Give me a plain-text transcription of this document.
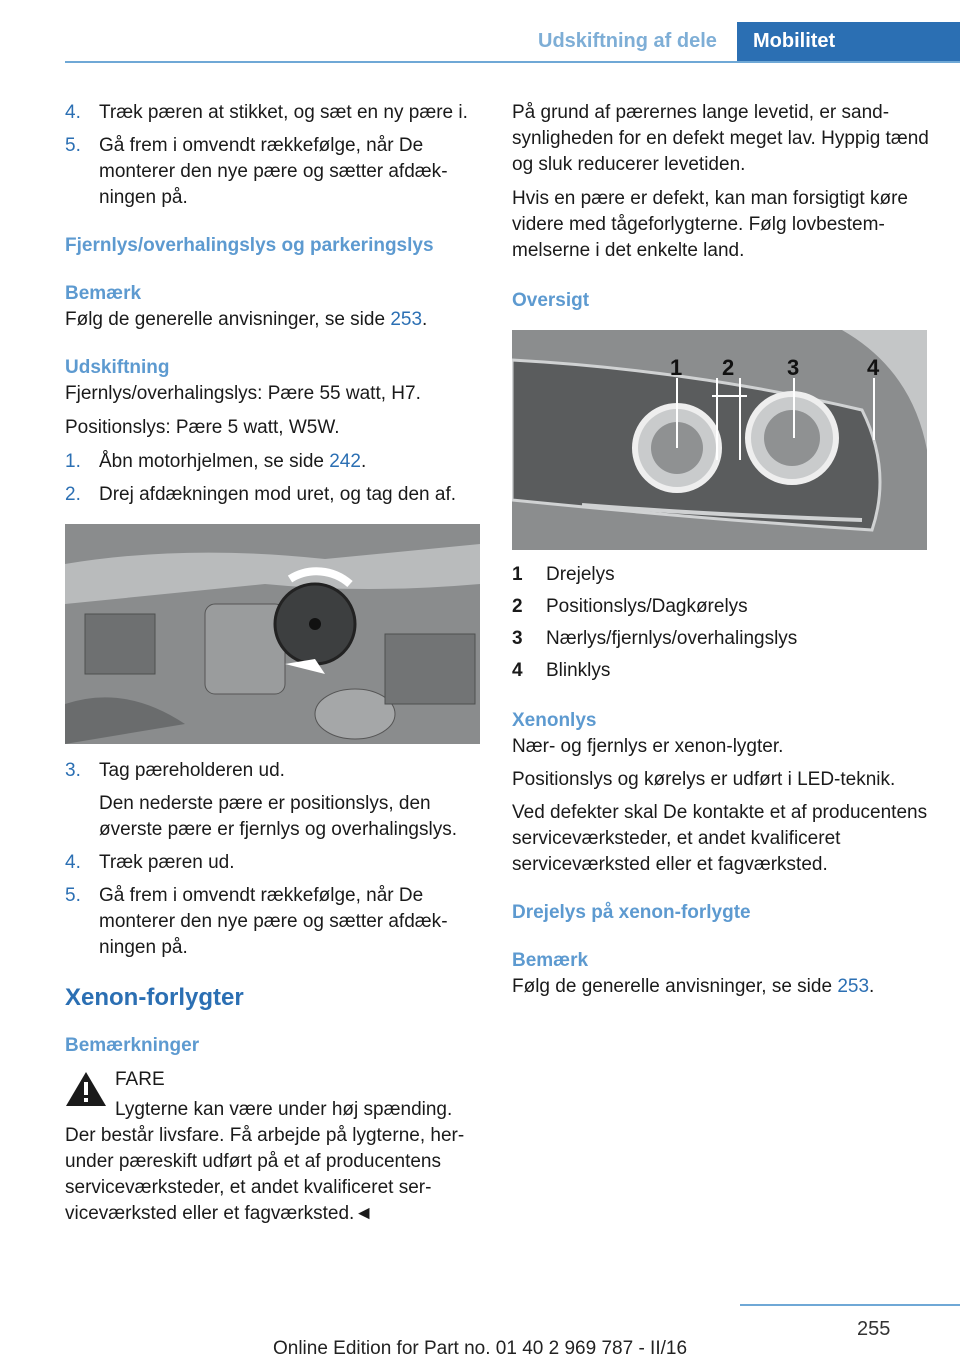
Udskiftning af dele	Mobilitet
4. Træk pæren at stikket, og sæt en ny pære i.
5. Gå frem i omvendt rækkefølge, når De monterer den nye pære og sætter afdækningen på.
Fjernlys/overhalingslys og parkeringslys
Bemærk

Følg de generelle anvisninger, se side 253.

Udskiftning

Fjernlys/overhalingslys: Pære 55 watt, H7.

Positionslys: Pære 5 watt, W5W.

1. Åbn motorhjelmen, se side 242.
2. Drej afdækningen mod uret, og tag den af.
3. Tag pæreholderen ud.
Den nederste pære er positionslys, den øverste pære er fjernlys og overhalingslys.
4. Træk pæren ud.
5. Gå frem i omvendt rækkefølge, når De monterer den nye pære og sætter afdækningen på.
Xenon-forlygter
Bemærkninger
FARE
Lygterne kan være under høj spænding.
Der består livsfare. Få arbejde på lygterne, herunder pæreskift udført på et af producentens serviceværksteder, et andet kvalificeret serviceværksted eller et fagværksted.◄

På grund af pærernes lange levetid, er sandsynligheden for en defekt meget lav. Hyppig tænd og sluk reducerer levetiden.

Hvis en pære er defekt, kan man forsigtigt køre videre med tågeforlygterne. Følg lovbestemmelserne i det enkelte land.

Oversigt
1 2 3	4
1 Drejelys
2 Positionslys/Dagkørelys
3 Nærlys/fjernlys/overhalingslys
4 Blinklys
Xenonlys

Nær- og fjernlys er xenon-lygter.

Positionslys og kørelys er udført i LED-teknik.

Ved defekter skal De kontakte et af producentens serviceværksteder, et andet kvalificeret serviceværksted eller et fagværksted.

Drejelys på xenon-forlygte
Bemærk

Følg de generelle anvisninger, se side 253.

255
Online Edition for Part no. 01 40 2 969 787 - II/16
